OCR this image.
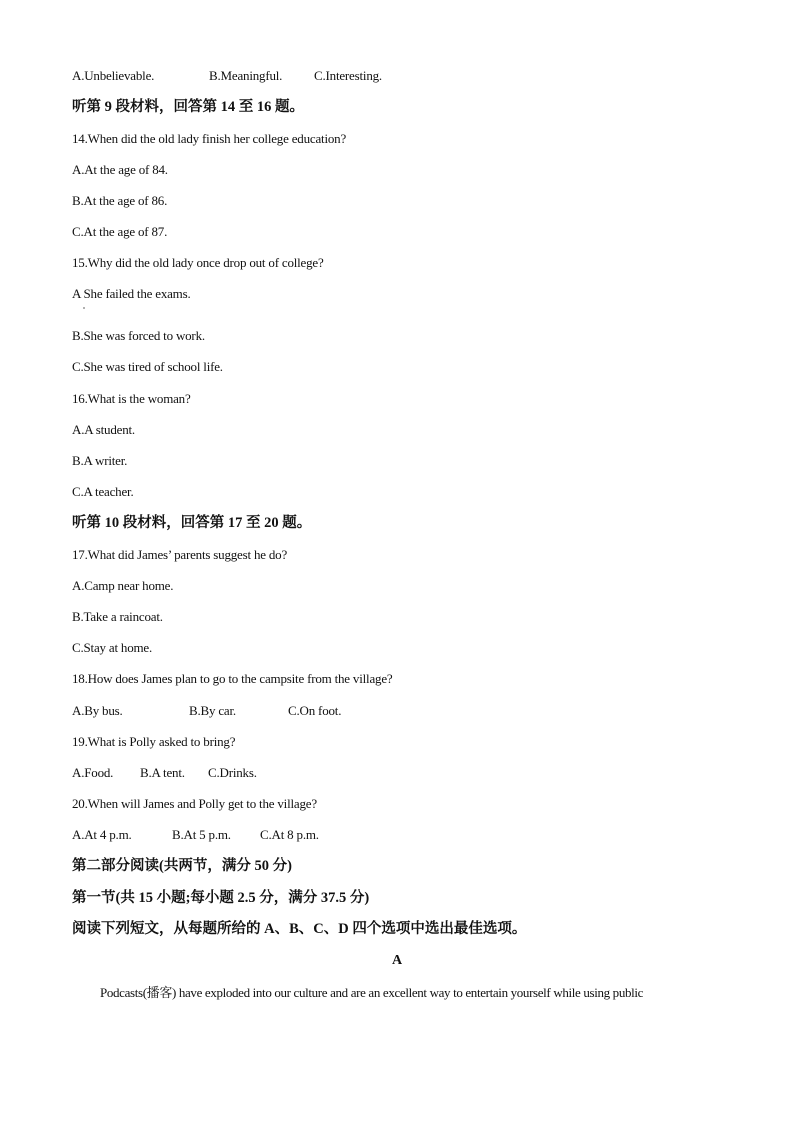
A.Unbelievable.	B.Meaningful. C.Interesting.
听第 9 段材料，回答第 14 至 16 题。
14.When did the old lady finish her college education?
A.At the age of 84.
B.At the age of 86.
C.At the age of 87.
15.Why did the old lady once drop out of college?
A She failed the exams.
B.She was forced to work.
C.She was tired of school life.
16.What is the woman?
A.A student.
B.A writer.
C.A teacher.
听第 10 段材料，回答第 17 至 20 题。
17.What did James’ parents suggest he do?
A.Camp near home.
B.Take a raincoat.
C.Stay at home.
18.How does James plan to go to the campsite from the village?
A.By bus.	B.By car.	C.On foot.
19.What is Polly asked to bring?
A.Food. B.A tent. C.Drinks.
20.When will James and Polly get to the village?
A.At 4 p.m.	B.At 5 p.m. C.At 8 p.m.
第二部分阅读(共两节，满分 50 分)
第一节(共 15 小题;每小题 2.5 分，满分 37.5 分)
阅读下列短文，从每题所给的 A、B、C、D 四个选项中选出最佳选项。
A
Podcasts(播客) have exploded into our culture and are an excellent way to entertain yourself while using public
